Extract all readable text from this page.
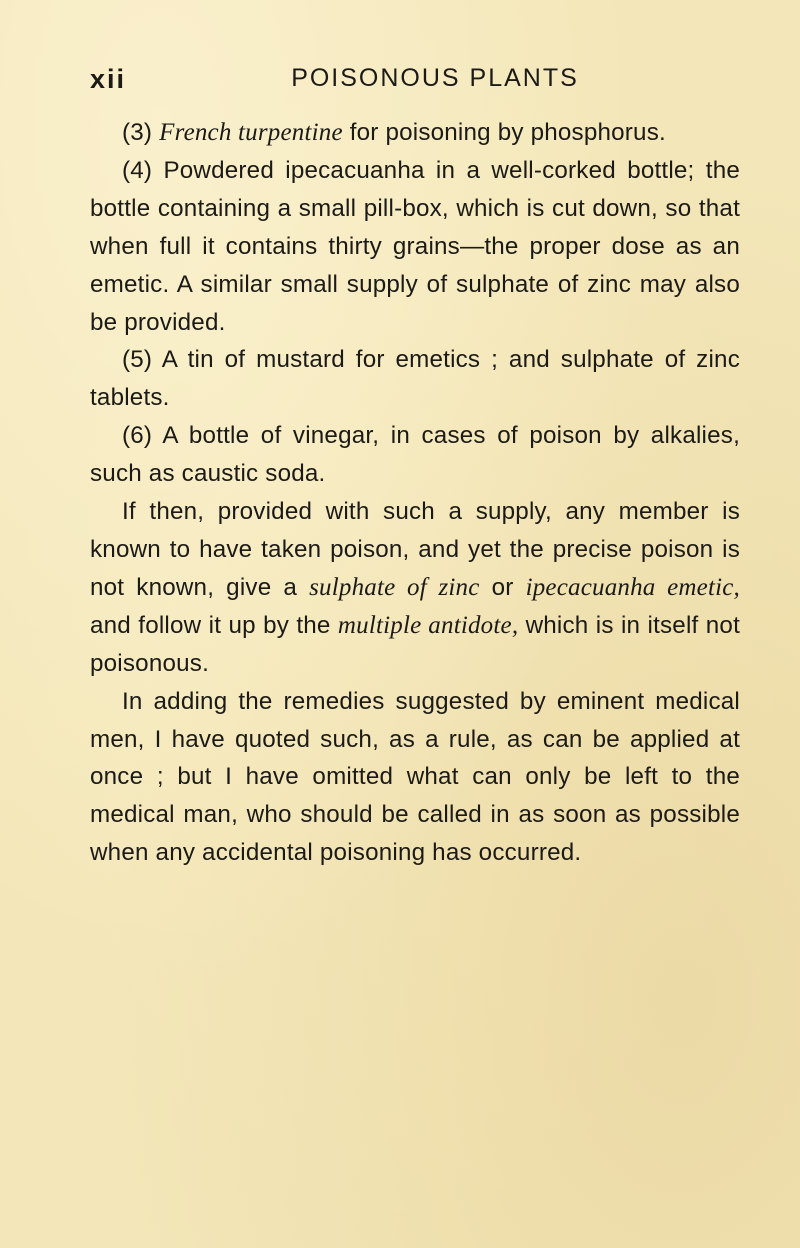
xii	POISONOUS PLANTS

(3) French turpentine for poisoning by phosphorus.

(4) Powdered ipecacuanha in a well-corked bottle; the bottle containing a small pill-box, which is cut down, so that when full it contains thirty grains—the proper dose as an emetic. A similar small supply of sulphate of zinc may also be provided.

(5) A tin of mustard for emetics ; and sulphate of zinc tablets.

(6) A bottle of vinegar, in cases of poison by alkalies, such as caustic soda.

If then, provided with such a supply, any member is known to have taken poison, and yet the precise poison is not known, give a sulphate of zinc or ipecacuanha emetic, and follow it up by the multiple antidote, which is in itself not poisonous.

In adding the remedies suggested by eminent medical men, I have quoted such, as a rule, as can be applied at once ; but I have omitted what can only be left to the medical man, who should be called in as soon as possible when any accidental poisoning has occurred.
